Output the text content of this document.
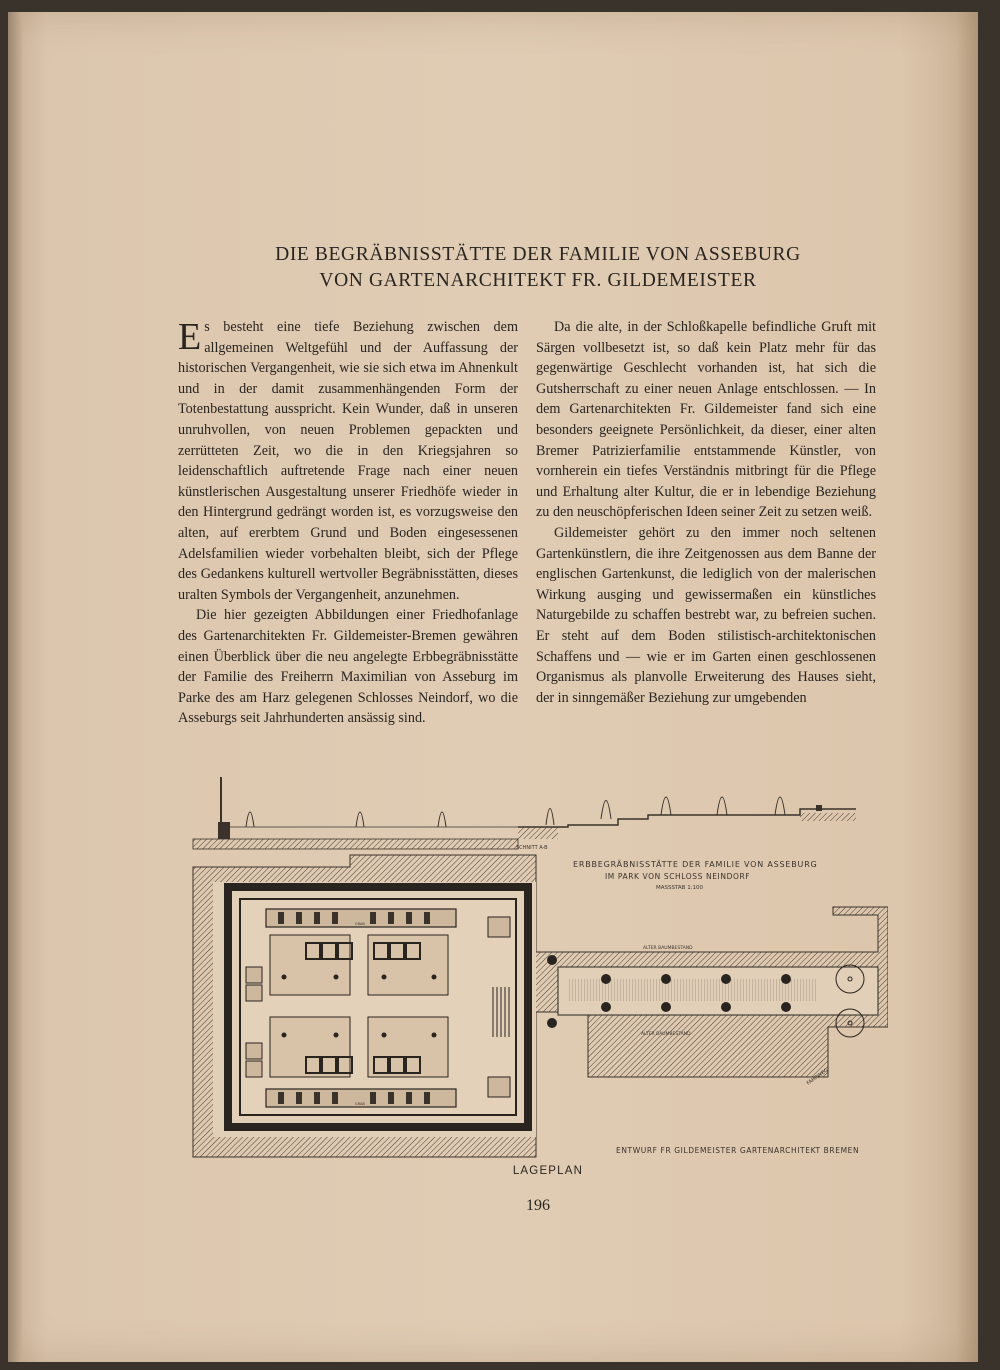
DIE BEGRÄBNISSTÄTTE DER FAMILIE VON ASSEBURG
VON GARTENARCHITEKT FR. GILDEMEISTER

Es besteht eine tiefe Beziehung zwischen dem allgemeinen Weltgefühl und der Auffassung der historischen Vergangenheit, wie sie sich etwa im Ahnenkult und in der damit zusammenhängenden Form der Totenbestattung ausspricht. Kein Wunder, daß in unseren unruhvollen, von neuen Problemen gepackten und zerrütteten Zeit, wo die in den Kriegsjahren so leidenschaftlich auftretende Frage nach einer neuen künstlerischen Ausgestaltung unserer Friedhöfe wieder in den Hintergrund gedrängt worden ist, es vorzugsweise den alten, auf ererbtem Grund und Boden eingesessenen Adelsfamilien wieder vorbehalten bleibt, sich der Pflege des Gedankens kulturell wertvoller Begräbnisstätten, dieses uralten Symbols der Vergangenheit, anzunehmen.

Die hier gezeigten Abbildungen einer Friedhofanlage des Gartenarchitekten Fr. Gildemeister-Bremen gewähren einen Überblick über die neu angelegte Erbbegräbnisstätte der Familie des Freiherrn Maximilian von Asseburg im Parke des am Harz gelegenen Schlosses Neindorf, wo die Asseburgs seit Jahrhunderten ansässig sind.

Da die alte, in der Schloßkapelle befindliche Gruft mit Särgen vollbesetzt ist, so daß kein Platz mehr für das gegenwärtige Geschlecht vorhanden ist, hat sich die Gutsherrschaft zu einer neuen Anlage entschlossen. — In dem Gartenarchitekten Fr. Gildemeister fand sich eine besonders geeignete Persönlichkeit, da dieser, einer alten Bremer Patrizierfamilie entstammende Künstler, von vornherein ein tiefes Verständnis mitbringt für die Pflege und Erhaltung alter Kultur, die er in lebendige Beziehung zu den neuschöpferischen Ideen seiner Zeit zu setzen weiß.

Gildemeister gehört zu den immer noch seltenen Gartenkünstlern, die ihre Zeitgenossen aus dem Banne der englischen Gartenkunst, die lediglich von der malerischen Wirkung ausging und gewissermaßen ein künstliches Naturgebilde zu schaffen bestrebt war, zu befreien suchen. Er steht auf dem Boden stilistisch-architektonischen Schaffens und — wie er im Garten einen geschlossenen Organismus als planvolle Erweiterung des Hauses sieht, der in sinngemäßer Beziehung zur umgebenden

SCHNITT A-B
ERBBEGRÄBNISSTÄTTE DER FAMILIE VON ASSEBURG
IM PARK VON SCHLOSS NEINDORF
MASSSTAB 1:100
ALTER BAUMBESTAND
ALTER BAUMBESTAND
FAHRWEG
GRAB
GRAB
ENTWURF FR GILDEMEISTER GARTENARCHITEKT BREMEN
LAGEPLAN
196
